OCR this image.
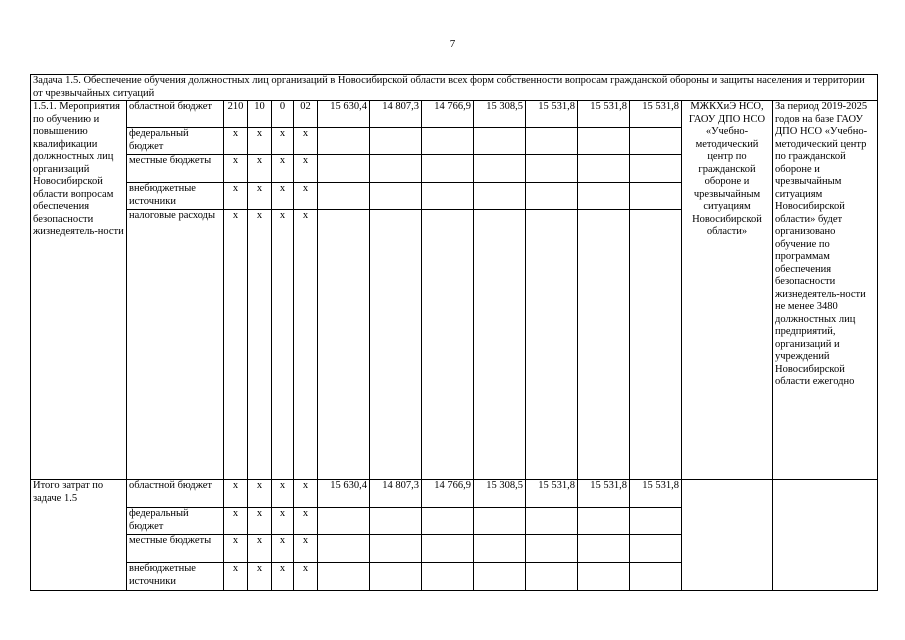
7
Задача 1.5. Обеспечение обучения должностных лиц организаций в Новосибирской области всех форм собственности вопросам гражданской обороны и защиты населения и территории от чрезвычайных ситуаций														
1.5.1. Мероприятия по обучению и повышению квалификации должностных лиц организаций Новосибирской области вопросам обеспечения безопасности жизнедеятель-ности	областной бюджет	210	10	0	02	15 630,4	14 807,3	14 766,9	15 308,5	15 531,8	15 531,8	15 531,8	МЖКХиЭ НСО, ГАОУ ДПО НСО «Учебно-методический центр по гражданской обороне и чрезвычайным ситуациям Новосибирской области»	За период 2019-2025 годов на базе ГАОУ ДПО НСО «Учебно-методический центр по гражданской обороне и чрезвычайным ситуациям Новосибирской области» будет организовано обучение по программам обеспечения безопасности жизнедеятель-ности не менее 3480 должностных лиц предприятий, организаций и учреждений Новосибирской области ежегодно
	федеральный бюджет	х	х	х	х									
	местные бюджеты	х	х	х	х									
	внебюджетные источники	х	х	х	х									
	налоговые расходы	х	х	х	х									
Итого затрат по задаче 1.5	областной бюджет	х	х	х	х	15 630,4	14 807,3	14 766,9	15 308,5	15 531,8	15 531,8	15 531,8		
	федеральный бюджет	х	х	х	х									
	местные бюджеты	х	х	х	х									
	внебюджетные источники	х	х	х	х									
